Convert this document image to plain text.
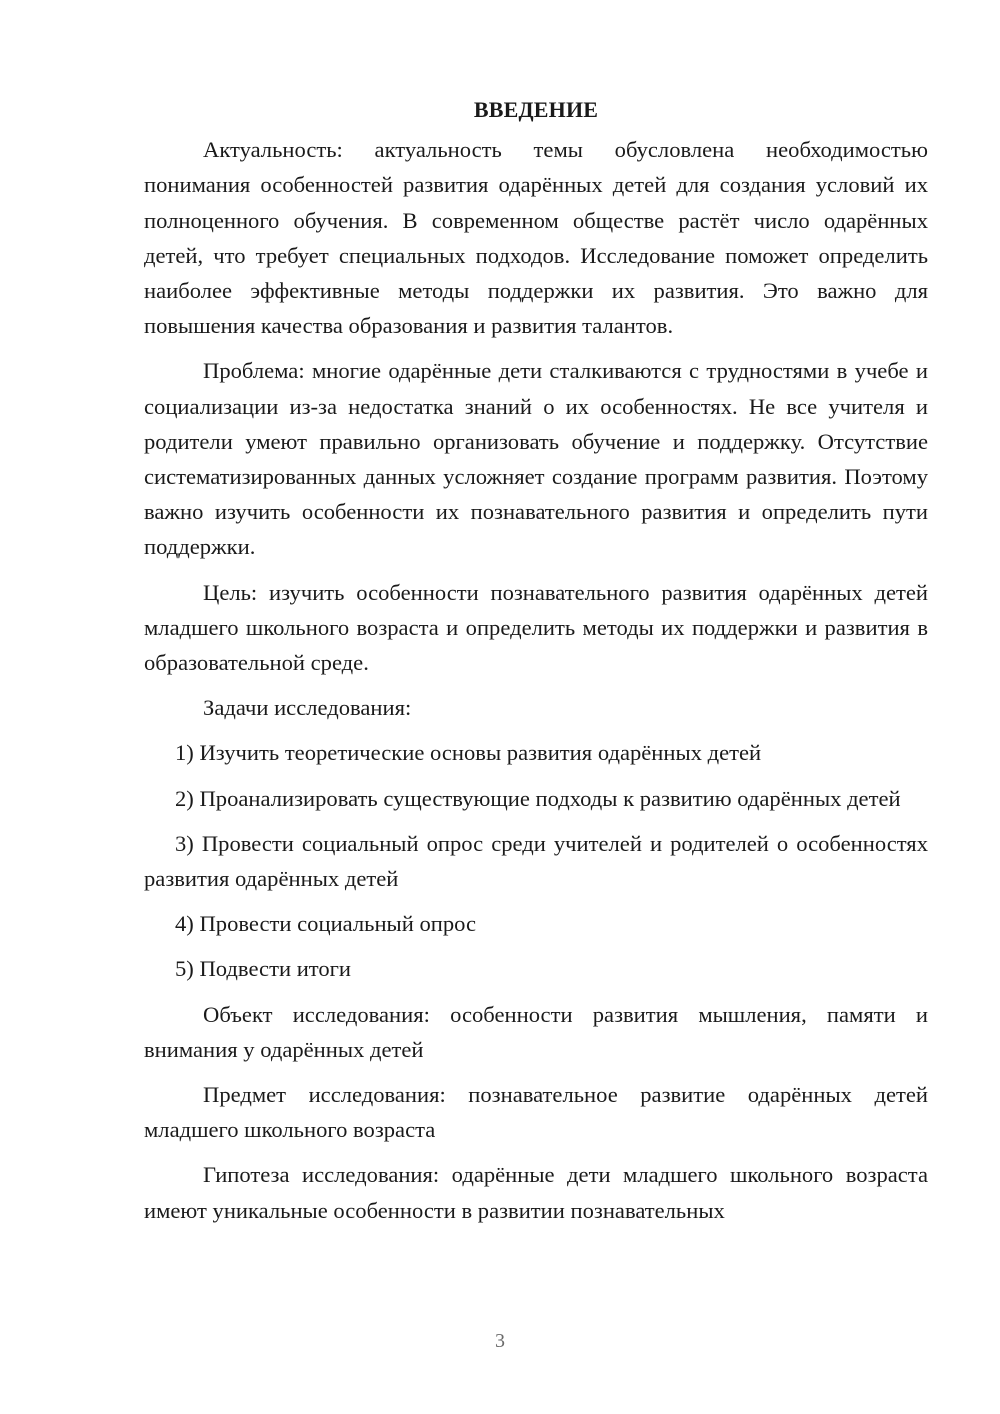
ВВЕДЕНИЕ

Актуальность: актуальность темы обусловлена необходимостью понимания особенностей развития одарённых детей для создания условий их полноценного обучения. В современном обществе растёт число одарённых детей, что требует специальных подходов. Исследование поможет определить наиболее эффективные методы поддержки их развития. Это важно для повышения качества образования и развития талантов.

Проблема: многие одарённые дети сталкиваются с трудностями в учебе и социализации из-за недостатка знаний о их особенностях. Не все учителя и родители умеют правильно организовать обучение и поддержку. Отсутствие систематизированных данных усложняет создание программ развития. Поэтому важно изучить особенности их познавательного развития и определить пути поддержки.

Цель: изучить особенности познавательного развития одарённых детей младшего школьного возраста и определить методы их поддержки и развития в образовательной среде.

Задачи исследования:

1) Изучить теоретические основы развития одарённых детей

2) Проанализировать существующие подходы к развитию одарённых детей

3) Провести социальный опрос среди учителей и родителей о особенностях развития одарённых детей

4) Провести социальный опрос

5) Подвести итоги

Объект исследования: особенности развития мышления, памяти и внимания у одарённых детей

Предмет исследования: познавательное развитие одарённых детей младшего школьного возраста

Гипотеза исследования: одарённые дети младшего школьного возраста имеют уникальные особенности в развитии познавательных

3
